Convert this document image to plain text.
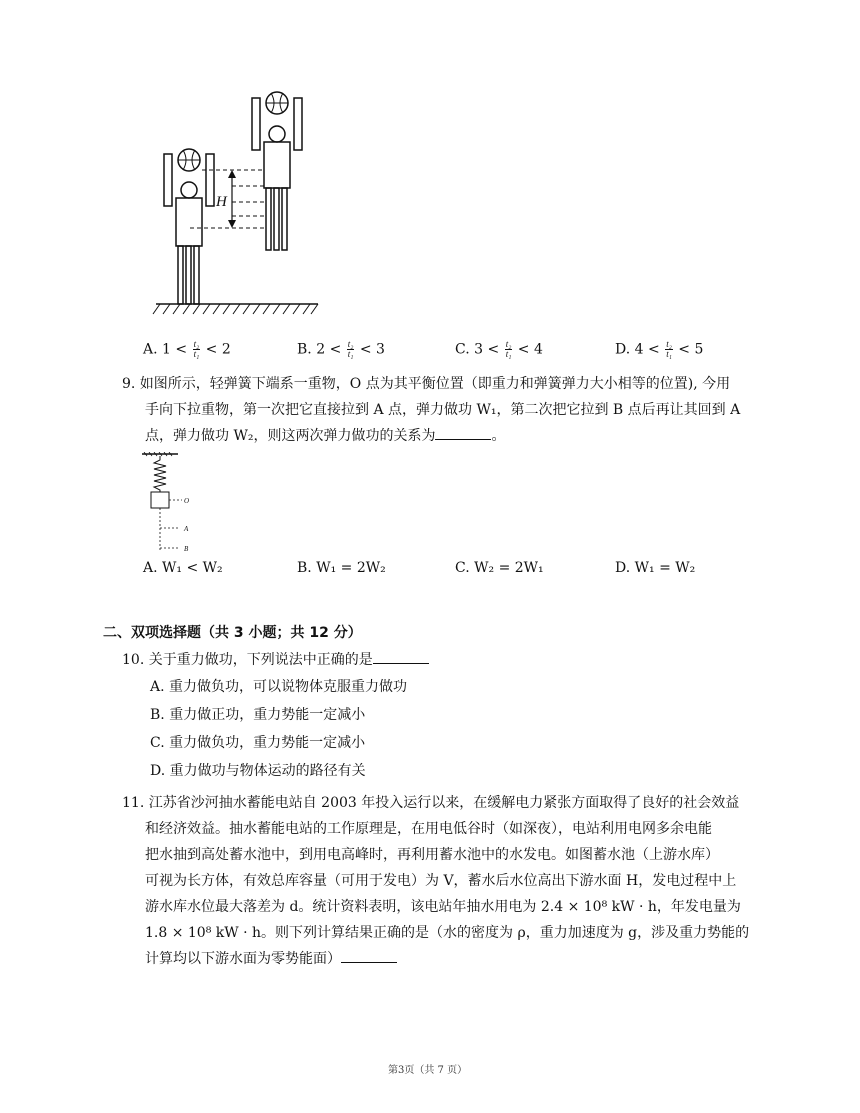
H
A. $1 < \frac{\text{t₂}}{\text{t₁}} < 2$	B. $2 < \frac{\text{t₂}}{\text{t₁}} < 3$	C. $3 < \frac{\text{t₂}}{\text{t₁}} < 4$	D. $4 < \frac{\text{t₂}}{\text{t₁}} < 5$
9. 如图所示，轻弹簧下端系一重物，O 点为其平衡位置（即重力和弹簧弹力大小相等的位置), 今用
手向下拉重物，第一次把它直接拉到 A 点，弹力做功 W₁，第二次把它拉到 B 点后再让其回到 A
点，弹力做功 W₂，则这两次弹力做功的关系为	。
O
A
B
A. W₁ < W₂	B. W₁ = 2W₂	C. W₂ = 2W₁	D. W₁ = W₂
二、双项选择题（共 3 小题；共 12 分）
10. 关于重力做功，下列说法中正确的是
A. 重力做负功，可以说物体克服重力做功
B. 重力做正功，重力势能一定减小
C. 重力做负功，重力势能一定减小
D. 重力做功与物体运动的路径有关
11. 江苏省沙河抽水蓄能电站自 2003 年投入运行以来，在缓解电力紧张方面取得了良好的社会效益
和经济效益。抽水蓄能电站的工作原理是，在用电低谷时（如深夜），电站利用电网多余电能
把水抽到高处蓄水池中，到用电高峰时，再利用蓄水池中的水发电。如图蓄水池（上游水库）
可视为长方体，有效总库容量（可用于发电）为 V，蓄水后水位高出下游水面 H，发电过程中上
游水库水位最大落差为 d。统计资料表明，该电站年抽水用电为 2.4 × 10⁸ kW · h，年发电量为
1.8 × 10⁸ kW · h。则下列计算结果正确的是（水的密度为 ρ，重力加速度为 g，涉及重力势能的
计算均以下游水面为零势能面）
第3页（共 7 页）
